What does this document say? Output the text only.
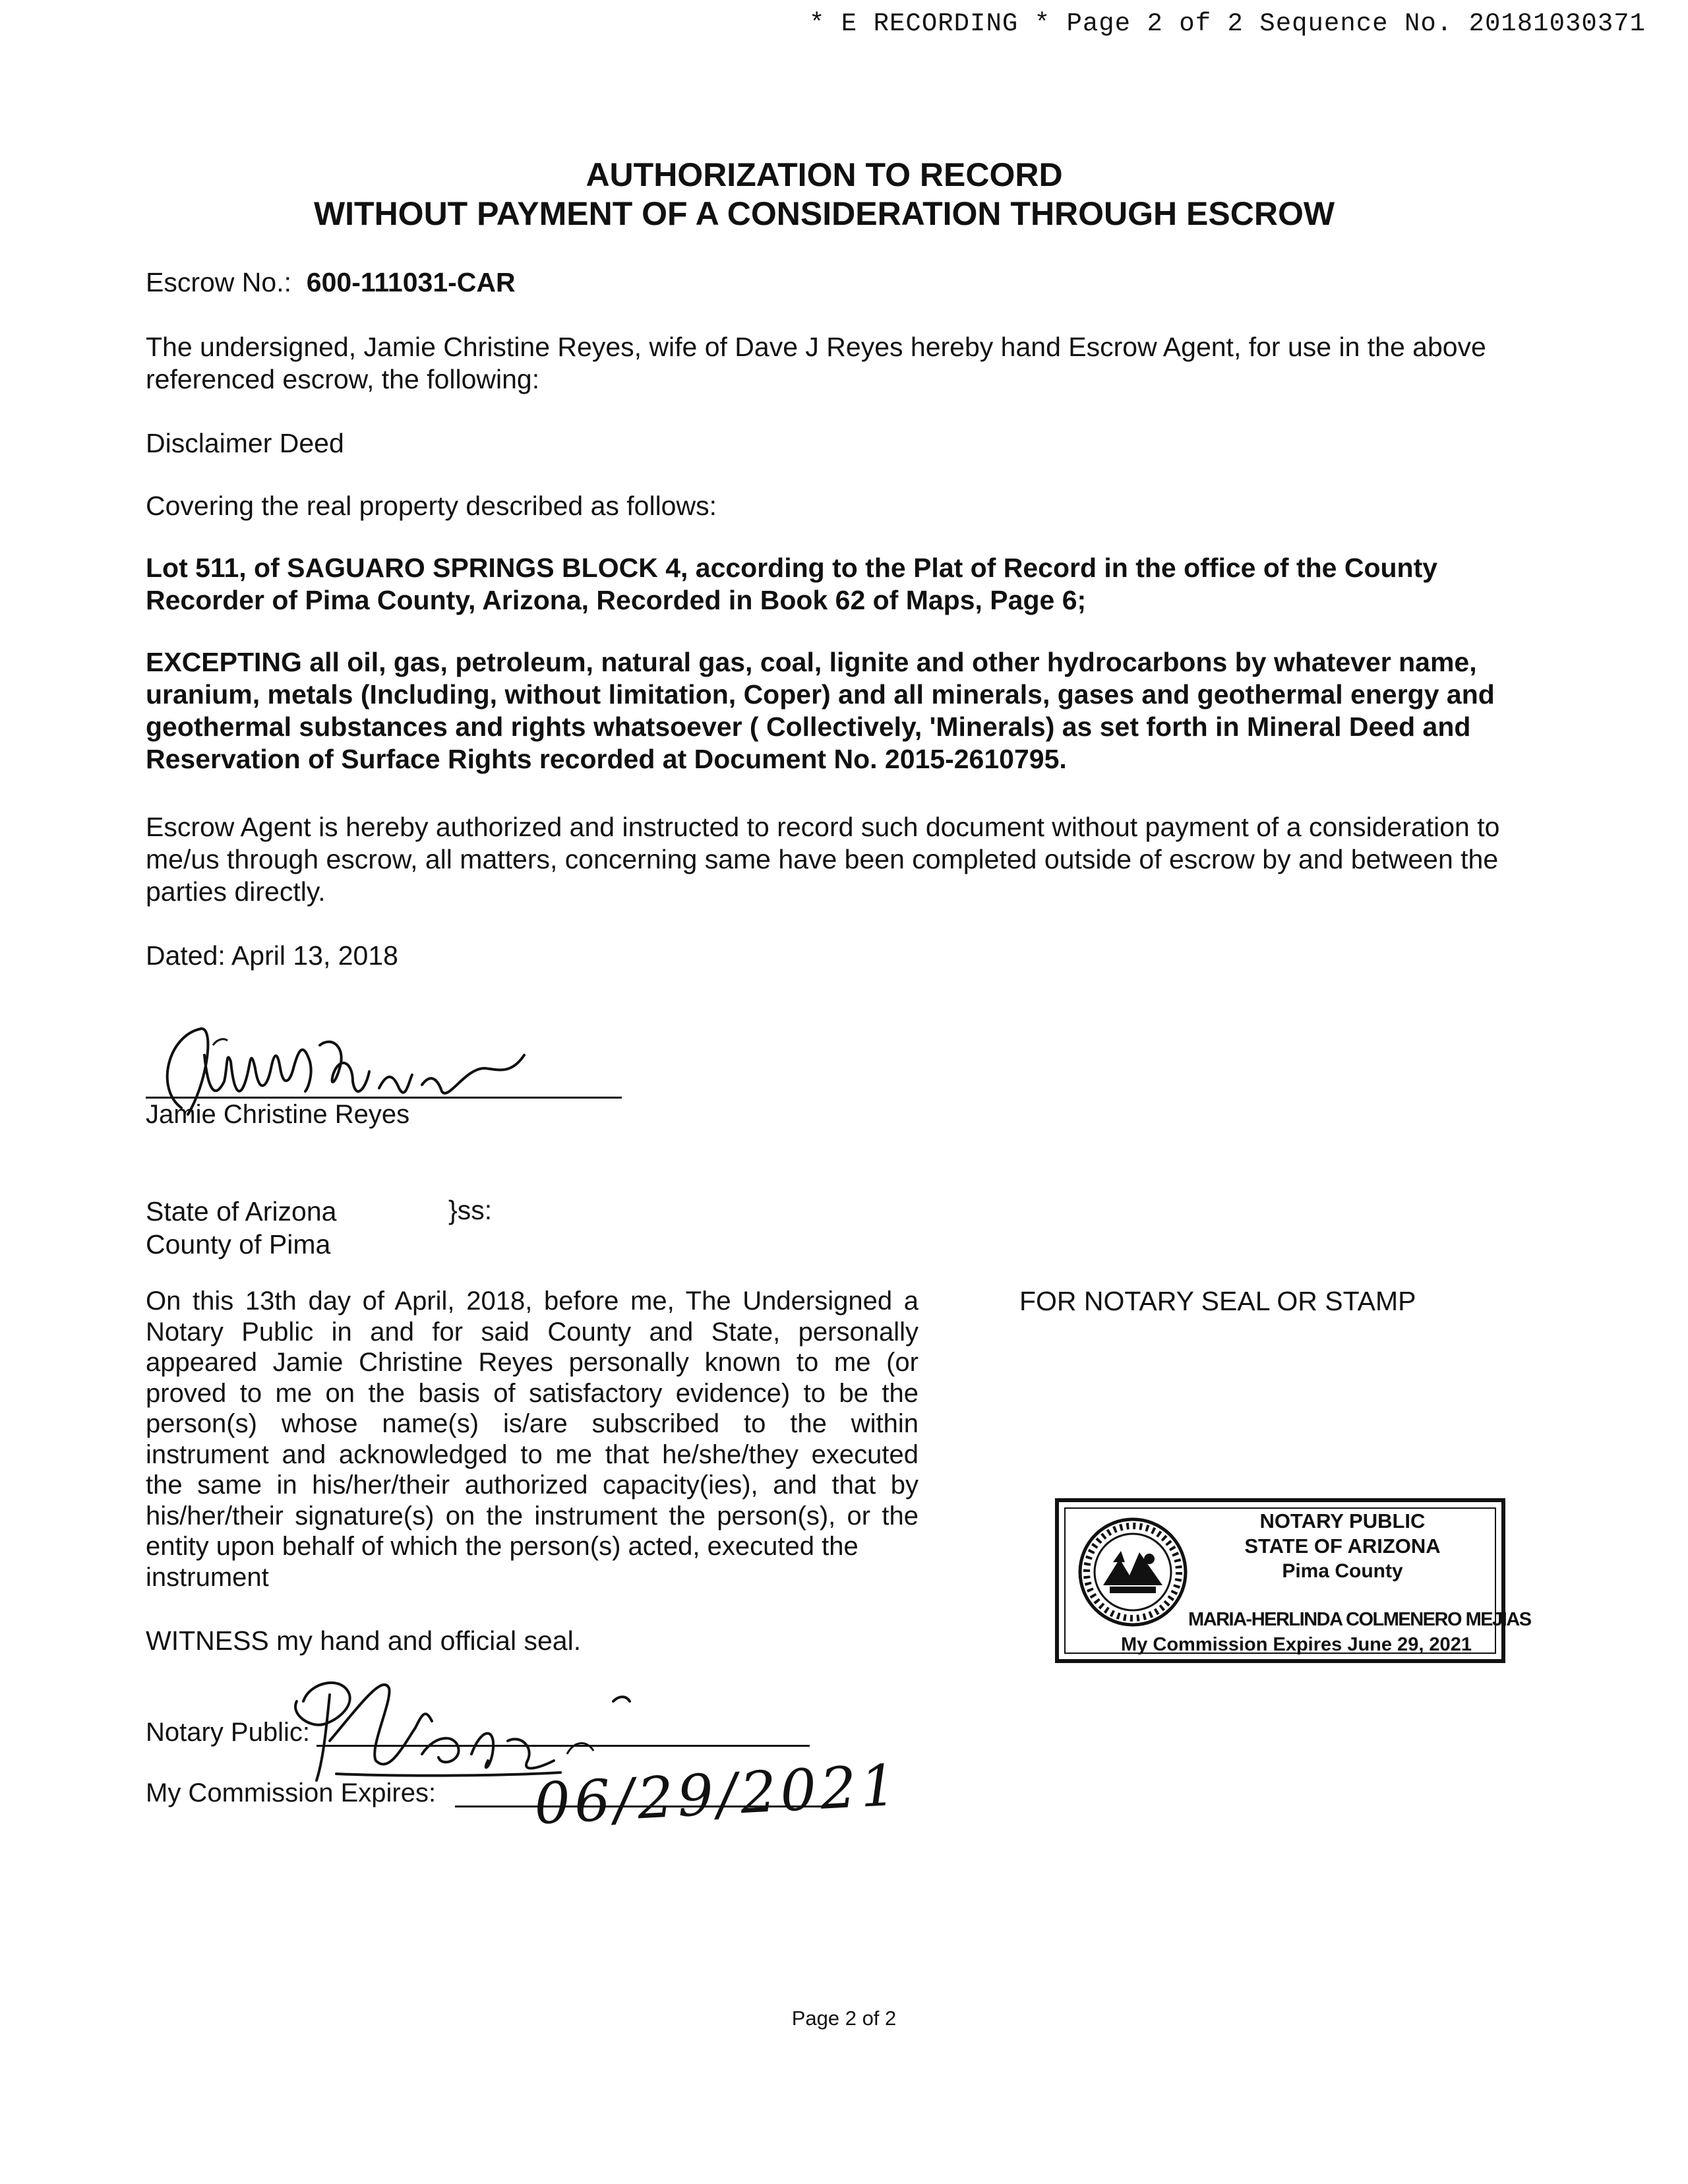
* E RECORDING * Page 2 of 2 Sequence No. 20181030371
AUTHORIZATION TO RECORD
WITHOUT PAYMENT OF A CONSIDERATION THROUGH ESCROW
Escrow No.: 600-111031-CAR
The undersigned, Jamie Christine Reyes, wife of Dave J Reyes hereby hand Escrow Agent, for use in the above referenced escrow, the following:
Disclaimer Deed
Covering the real property described as follows:
Lot 511, of SAGUARO SPRINGS BLOCK 4, according to the Plat of Record in the office of the County Recorder of Pima County, Arizona, Recorded in Book 62 of Maps, Page 6;
EXCEPTING all oil, gas, petroleum, natural gas, coal, lignite and other hydrocarbons by whatever name, uranium, metals (Including, without limitation, Coper) and all minerals, gases and geothermal energy and geothermal substances and rights whatsoever ( Collectively, 'Minerals) as set forth in Mineral Deed and Reservation of Surface Rights recorded at Document No. 2015-2610795.
Escrow Agent is hereby authorized and instructed to record such document without payment of a consideration to me/us through escrow, all matters, concerning same have been completed outside of escrow by and between the parties directly.
Dated: April 13, 2018
Jamie Christine Reyes
State of Arizona
County of Pima
}ss:
On this 13th day of April, 2018, before me, The Undersigned a Notary Public in and for said County and State, personally appeared Jamie Christine Reyes personally known to me (or proved to me on the basis of satisfactory evidence) to be the person(s) whose name(s) is/are subscribed to the within instrument and acknowledged to me that he/she/they executed the same in his/her/their authorized capacity(ies), and that by his/her/their signature(s) on the instrument the person(s), or the entity upon behalf of which the person(s) acted, executed the
instrument
FOR NOTARY SEAL OR STAMP
NOTARY PUBLIC
STATE OF ARIZONA
Pima County
MARIA-HERLINDA COLMENERO MEJIAS
My Commission Expires June 29, 2021
WITNESS my hand and official seal.
Notary Public:
My Commission Expires: 06/29/2021
Page 2 of 2
